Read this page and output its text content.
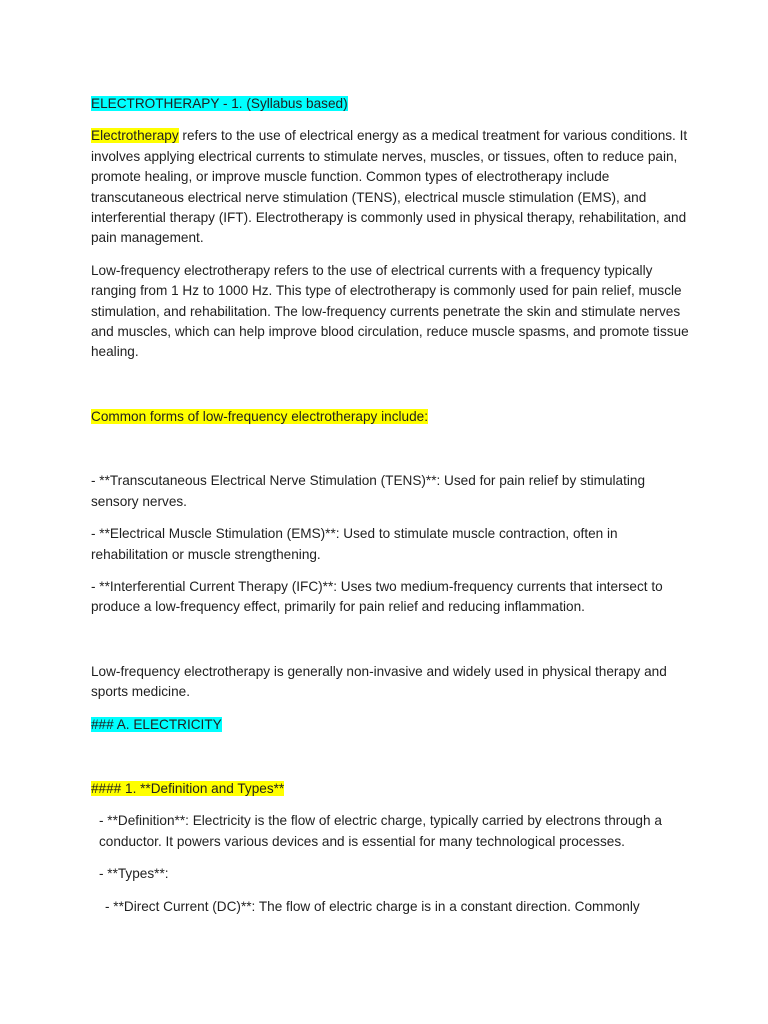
ELECTROTHERAPY - 1. (Syllabus based)

Electrotherapy refers to the use of electrical energy as a medical treatment for various conditions. It involves applying electrical currents to stimulate nerves, muscles, or tissues, often to reduce pain, promote healing, or improve muscle function. Common types of electrotherapy include transcutaneous electrical nerve stimulation (TENS), electrical muscle stimulation (EMS), and interferential therapy (IFT). Electrotherapy is commonly used in physical therapy, rehabilitation, and pain management.

Low-frequency electrotherapy refers to the use of electrical currents with a frequency typically ranging from 1 Hz to 1000 Hz. This type of electrotherapy is commonly used for pain relief, muscle stimulation, and rehabilitation. The low-frequency currents penetrate the skin and stimulate nerves and muscles, which can help improve blood circulation, reduce muscle spasms, and promote tissue healing.

Common forms of low-frequency electrotherapy include:

- **Transcutaneous Electrical Nerve Stimulation (TENS)**: Used for pain relief by stimulating sensory nerves.

- **Electrical Muscle Stimulation (EMS)**: Used to stimulate muscle contraction, often in rehabilitation or muscle strengthening.

- **Interferential Current Therapy (IFC)**: Uses two medium-frequency currents that intersect to produce a low-frequency effect, primarily for pain relief and reducing inflammation.

Low-frequency electrotherapy is generally non-invasive and widely used in physical therapy and sports medicine.

### A. ELECTRICITY

#### 1. **Definition and Types**

- **Definition**: Electricity is the flow of electric charge, typically carried by electrons through a conductor. It powers various devices and is essential for many technological processes.

- **Types**:

- **Direct Current (DC)**: The flow of electric charge is in a constant direction. Commonly
